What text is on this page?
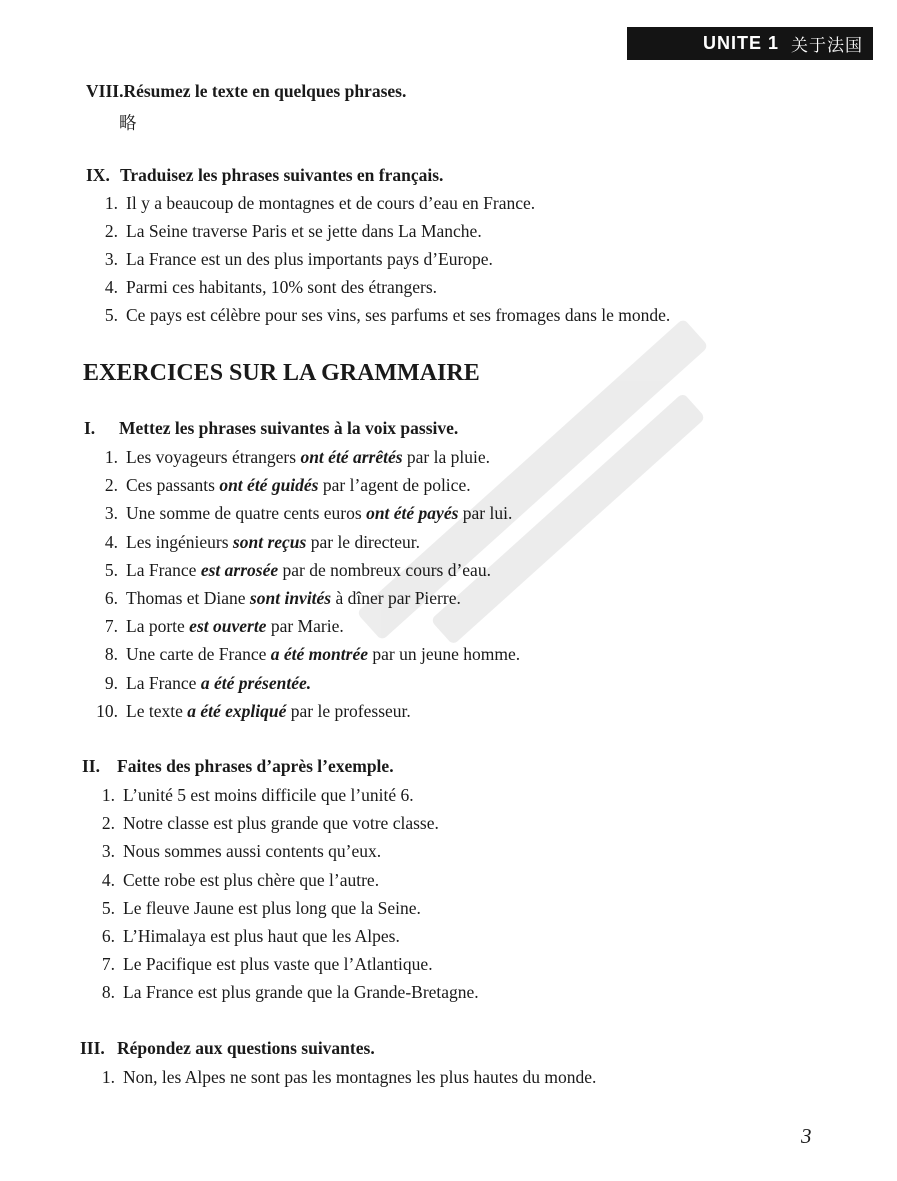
UNITE 1 关于法国
VIII.Résumez le texte en quelques phrases.
略
IX. Traduisez les phrases suivantes en français.
1. Il y a beaucoup de montagnes et de cours d’eau en France.
2. La Seine traverse Paris et se jette dans La Manche.
3. La France est un des plus importants pays d’Europe.
4. Parmi ces habitants, 10% sont des étrangers.
5. Ce pays est célèbre pour ses vins, ses parfums et ses fromages dans le monde.
EXERCICES SUR LA GRAMMAIRE
I. Mettez les phrases suivantes à la voix passive.
1. Les voyageurs étrangers ont été arrêtés par la pluie.
2. Ces passants ont été guidés par l’agent de police.
3. Une somme de quatre cents euros ont été payés par lui.
4. Les ingénieurs sont reçus par le directeur.
5. La France est arrosée par de nombreux cours d’eau.
6. Thomas et Diane sont invités à dîner par Pierre.
7. La porte est ouverte par Marie.
8. Une carte de France a été montrée par un jeune homme.
9. La France a été présentée.
10. Le texte a été expliqué par le professeur.
II. Faites des phrases d’après l’exemple.
1. L’unité 5 est moins difficile que l’unité 6.
2. Notre classe est plus grande que votre classe.
3. Nous sommes aussi contents qu’eux.
4. Cette robe est plus chère que l’autre.
5. Le fleuve Jaune est plus long que la Seine.
6. L’Himalaya est plus haut que les Alpes.
7. Le Pacifique est plus vaste que l’Atlantique.
8. La France est plus grande que la Grande-Bretagne.
III. Répondez aux questions suivantes.
1. Non, les Alpes ne sont pas les montagnes les plus hautes du monde.
3
